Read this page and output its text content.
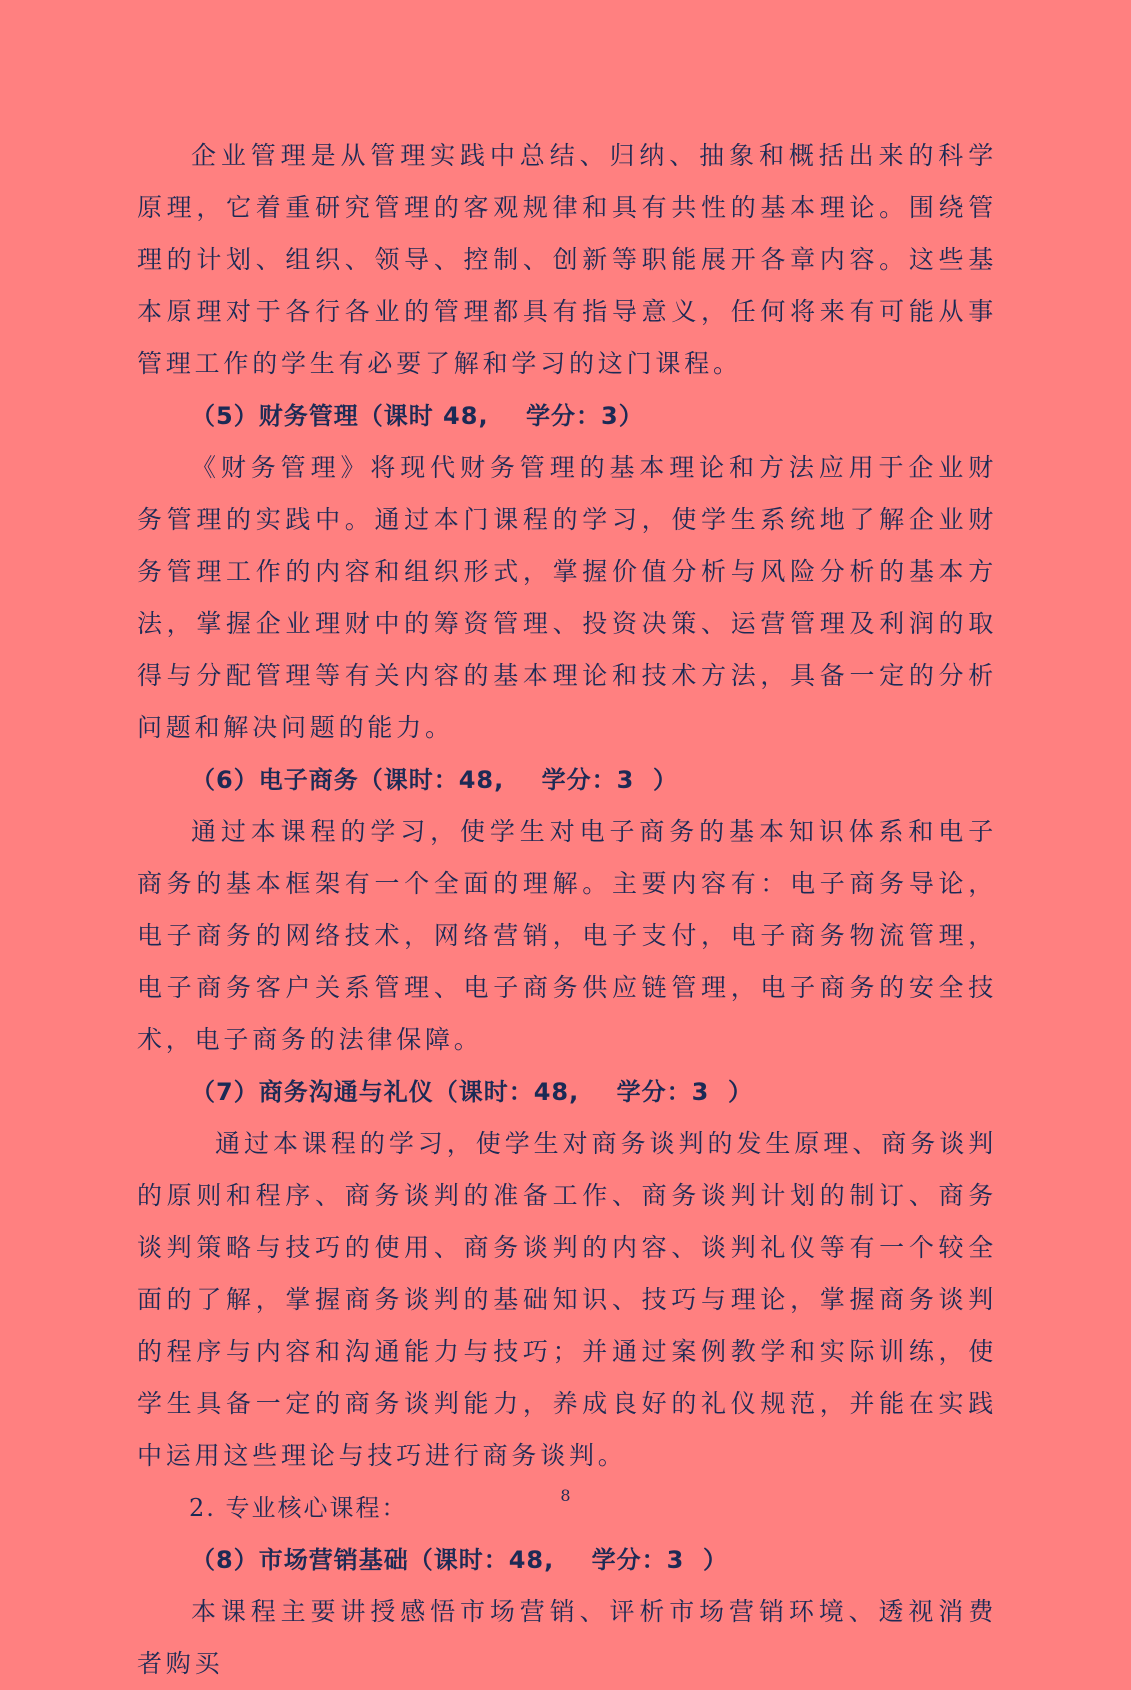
企业管理是从管理实践中总结、归纳、抽象和概括出来的科学原理，它着重研究管理的客观规律和具有共性的基本理论。围绕管理的计划、组织、领导、控制、创新等职能展开各章内容。这些基本原理对于各行各业的管理都具有指导意义，任何将来有可能从事管理工作的学生有必要了解和学习的这门课程。

（5）财务管理（课时 48,    学分：3）

《财务管理》将现代财务管理的基本理论和方法应用于企业财务管理的实践中。通过本门课程的学习，使学生系统地了解企业财务管理工作的内容和组织形式，掌握价值分析与风险分析的基本方法，掌握企业理财中的筹资管理、投资决策、运营管理及利润的取得与分配管理等有关内容的基本理论和技术方法，具备一定的分析问题和解决问题的能力。

（6）电子商务（课时：48,    学分：3  ）

通过本课程的学习，使学生对电子商务的基本知识体系和电子商务的基本框架有一个全面的理解。主要内容有：电子商务导论，电子商务的网络技术，网络营销，电子支付，电子商务物流管理，电子商务客户关系管理、电子商务供应链管理，电子商务的安全技术，电子商务的法律保障。

（7）商务沟通与礼仪（课时：48,    学分：3  ）

通过本课程的学习，使学生对商务谈判的发生原理、商务谈判的原则和程序、商务谈判的准备工作、商务谈判计划的制订、商务谈判策略与技巧的使用、商务谈判的内容、谈判礼仪等有一个较全面的了解，掌握商务谈判的基础知识、技巧与理论，掌握商务谈判的程序与内容和沟通能力与技巧；并通过案例教学和实际训练，使学生具备一定的商务谈判能力，养成良好的礼仪规范，并能在实践中运用这些理论与技巧进行商务谈判。

2. 专业核心课程：

（8）市场营销基础（课时：48,    学分：3  ）

本课程主要讲授感悟市场营销、评析市场营销环境、透视消费者购买

8
